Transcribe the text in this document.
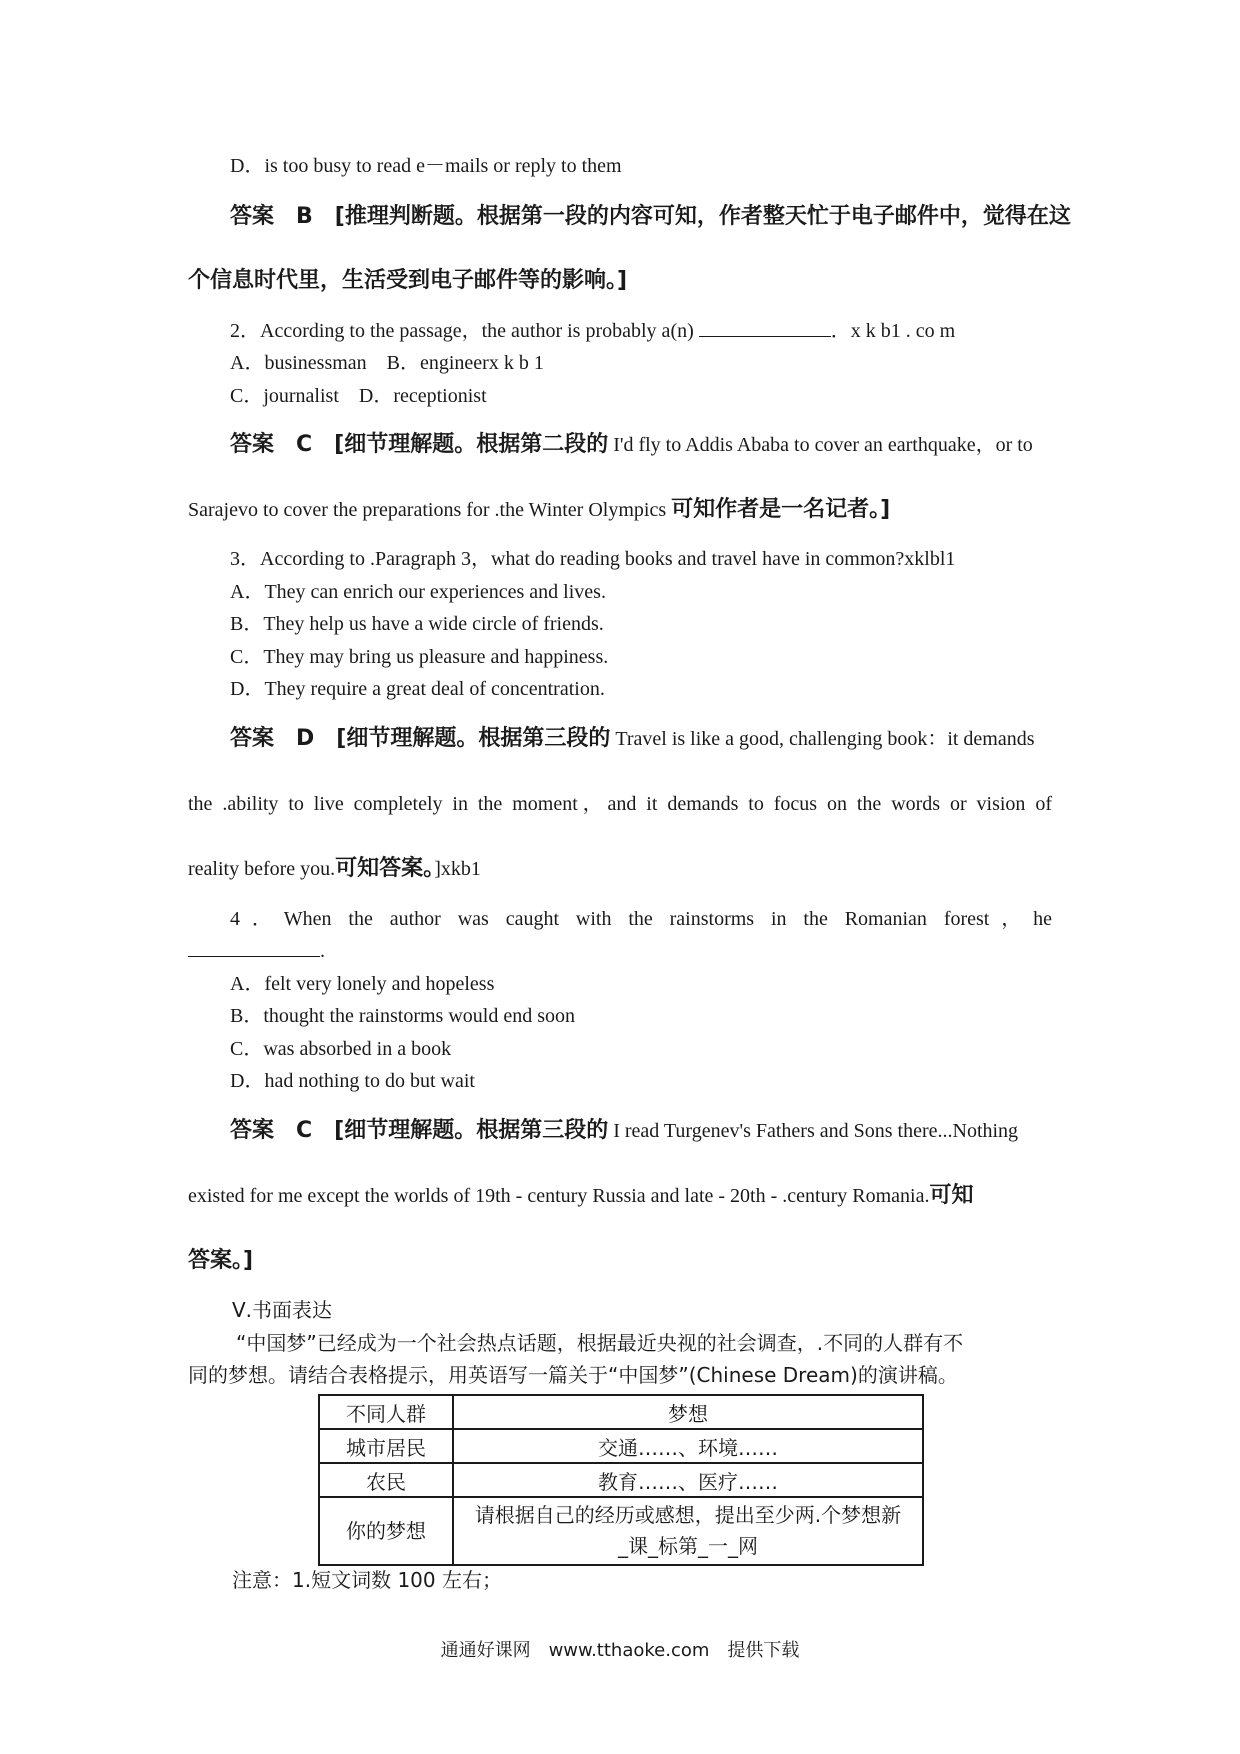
D．is too busy to read e－mails or reply to them
答案　B　[推理判断题。根据第一段的内容可知，作者整天忙于电子邮件中，觉得在这
个信息时代里，生活受到电子邮件等的影响。]
2．According to the passage，the author is probably a(n)	．x k b1 . co m
A．businessman　B．engineerx k b 1
C．journalist　D．receptionist
答案　C　[细节理解题。根据第二段的 I'd fly to Addis Ababa to cover an earthquake，or to
Sarajevo to cover the preparations for .the Winter Olympics 可知作者是一名记者。]
3．According to .Paragraph 3，what do reading books and travel have in common?xklbl1
A．They can enrich our experiences and lives.
B．They help us have a wide circle of friends.
C．They may bring us pleasure and happiness.
D．They require a great deal of concentration.
答案　D　[细节理解题。根据第三段的 Travel is like a good, challenging book：it demands
the .ability to live completely in the moment，and it demands to focus on the words or vision of
reality before you.可知答案。]xkb1
4．When the author was caught with the rainstorms in the Romanian forest，he
.
A．felt very lonely and hopeless
B．thought the rainstorms would end soon
C．was absorbed in a book
D．had nothing to do but wait
答案　C　[细节理解题。根据第三段的 I read Turgenev's Fathers and Sons there...Nothing
existed for me except the worlds of 19th - century Russia and late - 20th - .century Romania.可知
答案。]
Ⅴ.书面表达
“中国梦”已经成为一个社会热点话题，根据最近央视的社会调查，.不同的人群有不
同的梦想。请结合表格提示，用英语写一篇关于“中国梦”(Chinese Dream)的演讲稿。
不同人群	梦想
城市居民	交通……、环境……
农民	教育……、医疗……
你的梦想	请根据自己的经历或感想，提出至少两.个梦想新
_课_标第_一_网
注意：1.短文词数 100 左右；
通通好课网　www.tthaoke.com　提供下载
